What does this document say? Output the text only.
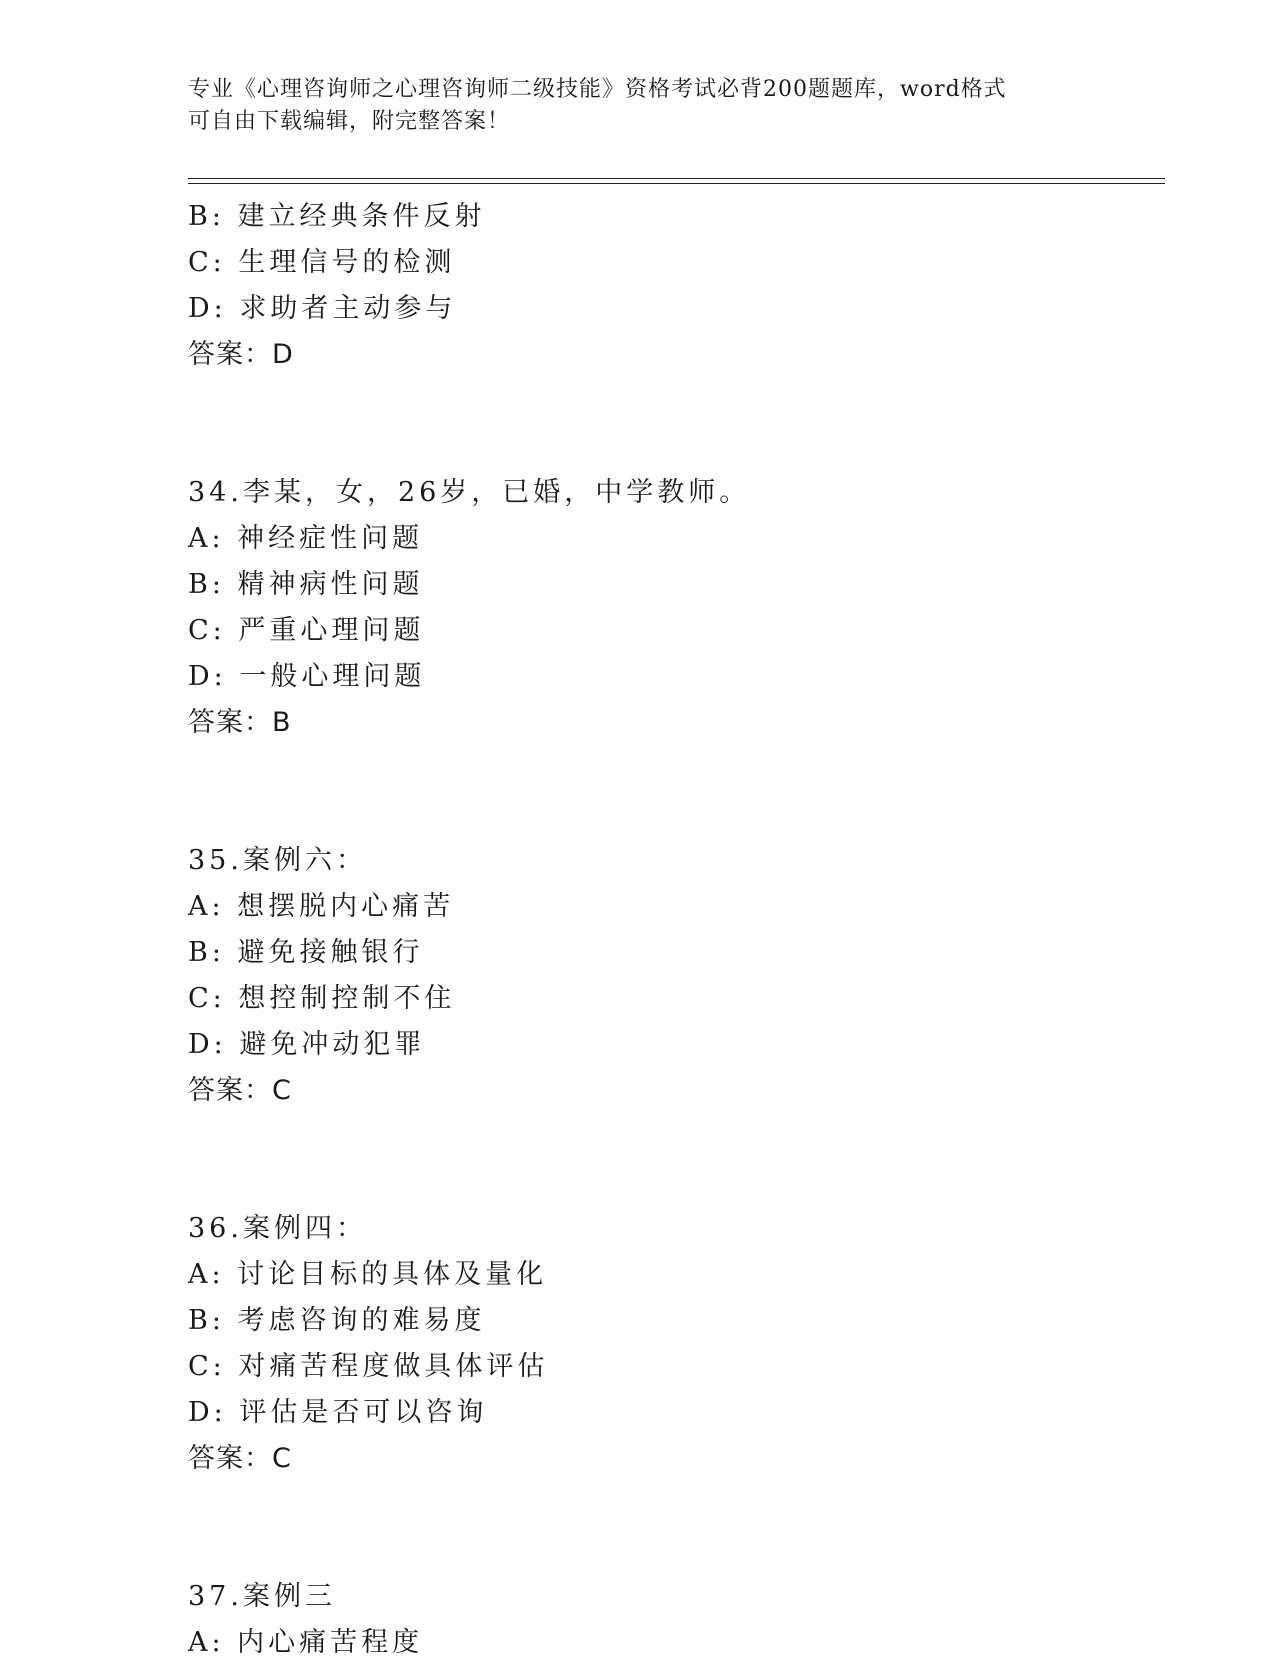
专业《心理咨询师之心理咨询师二级技能》资格考试必背200题题库，word格式
可自由下载编辑，附完整答案！
B: 建立经典条件反射
C: 生理信号的检测
D: 求助者主动参与
答案：D
34.李某，女，26岁，已婚，中学教师。
A: 神经症性问题
B: 精神病性问题
C: 严重心理问题
D: 一般心理问题
答案：B
35.案例六：
A: 想摆脱内心痛苦
B: 避免接触银行
C: 想控制控制不住
D: 避免冲动犯罪
答案：C
36.案例四：
A: 讨论目标的具体及量化
B: 考虑咨询的难易度
C: 对痛苦程度做具体评估
D: 评估是否可以咨询
答案：C
37.案例三
A: 内心痛苦程度
